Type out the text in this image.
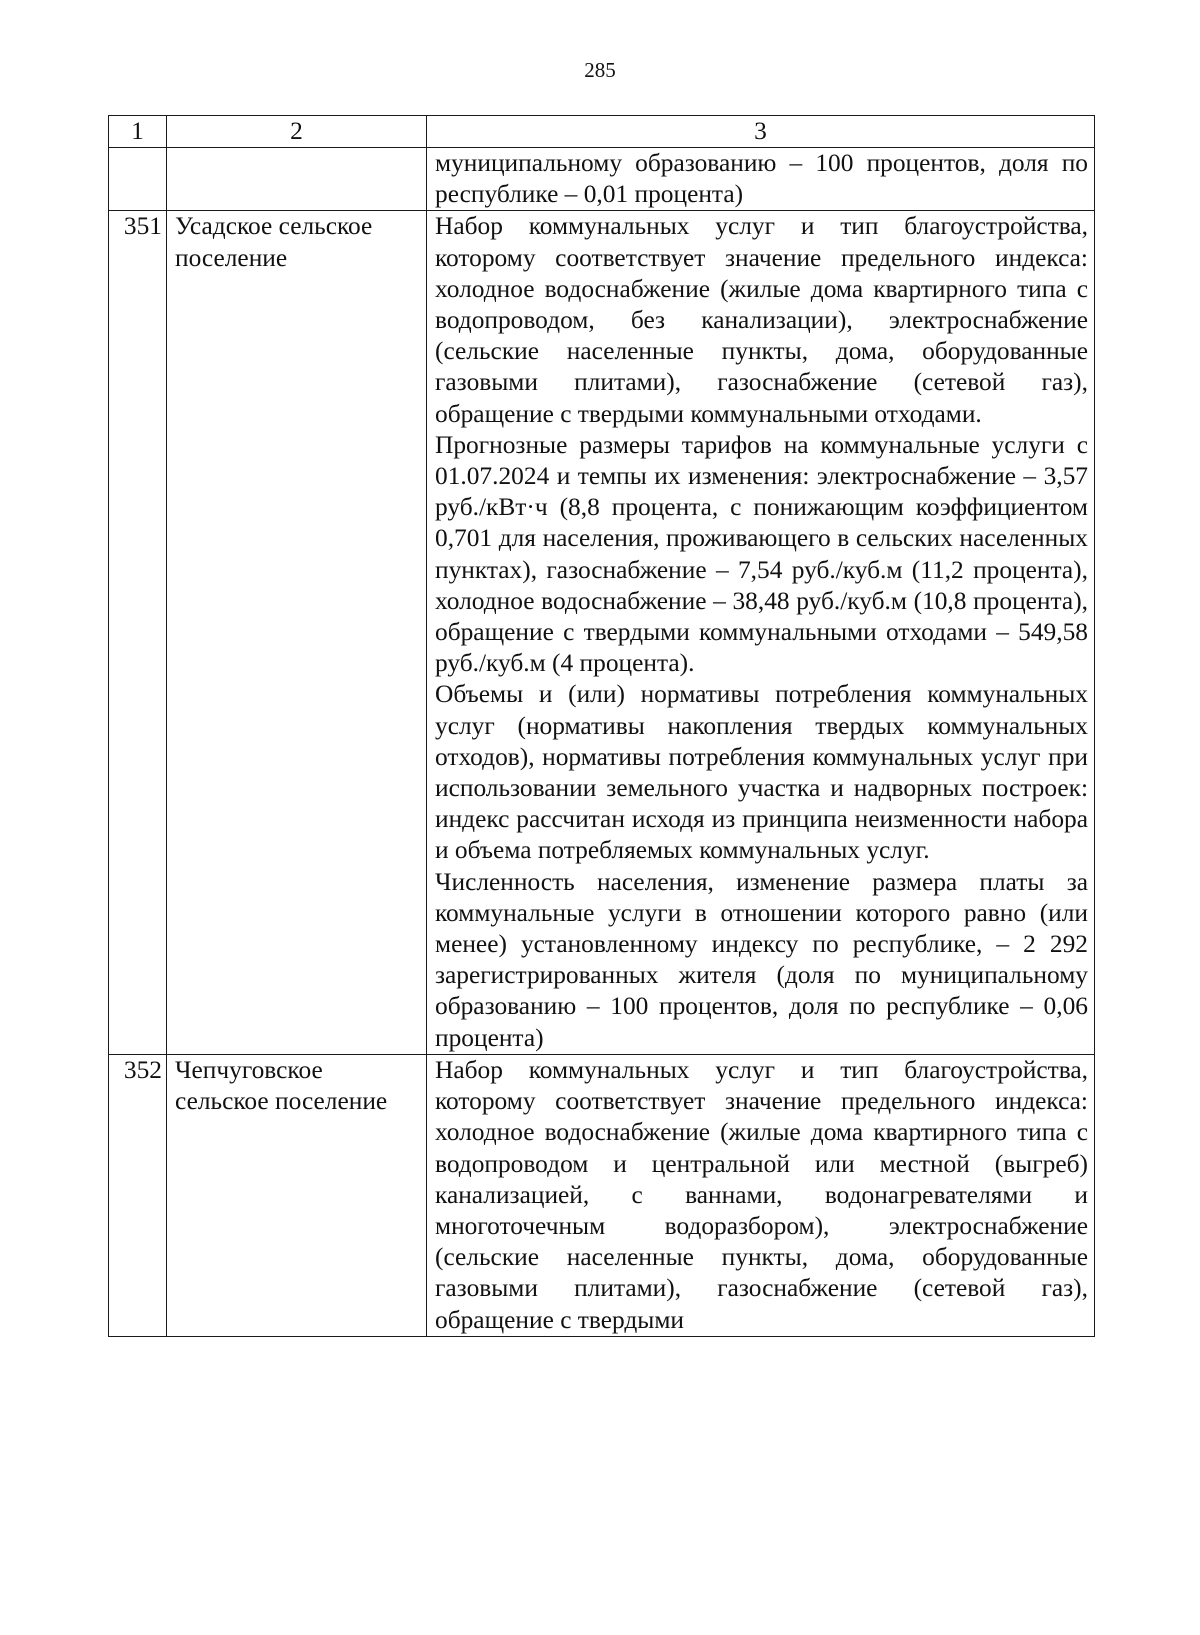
285
1	2	3

		муниципальному образованию – 100 процентов, доля по республике – 0,01 процента)

351	Усадское сельское поселение	Набор коммунальных услуг и тип благоустройства, которому соответствует значение предельного индекса: холодное водоснабжение (жилые дома квартирного типа с водопроводом, без канализации), электроснабжение (сельские населенные пункты, дома, оборудованные газовыми плитами), газоснабжение (сетевой газ), обращение с твердыми коммунальными отходами.
Прогнозные размеры тарифов на коммунальные услуги с 01.07.2024 и темпы их изменения: электроснабжение – 3,57 руб./кВт·ч (8,8 процента, с понижающим коэффициентом 0,701 для населения, проживающего в сельских населенных пунктах), газоснабжение – 7,54 руб./куб.м (11,2 процента), холодное водоснабжение – 38,48 руб./куб.м (10,8 процента), обращение с твердыми коммунальными отходами – 549,58 руб./куб.м (4 процента).
Объемы и (или) нормативы потребления коммунальных услуг (нормативы накопления твердых коммунальных отходов), нормативы потребления коммунальных услуг при использовании земельного участка и надворных построек: индекс рассчитан исходя из принципа неизменности набора и объема потребляемых коммунальных услуг.
Численность населения, изменение размера платы за коммунальные услуги в отношении которого равно (или менее) установленному индексу по республике, – 2 292 зарегистрированных жителя (доля по муниципальному образованию – 100 процентов, доля по республике – 0,06 процента)

352	Чепчуговское сельское поселение	Набор коммунальных услуг и тип благоустройства, которому соответствует значение предельного индекса: холодное водоснабжение (жилые дома квартирного типа с водопроводом и центральной или местной (выгреб) канализацией, с ваннами, водонагревателями и многоточечным водоразбором), электроснабжение (сельские населенные пункты, дома, оборудованные газовыми плитами), газоснабжение (сетевой газ), обращение с твердыми
